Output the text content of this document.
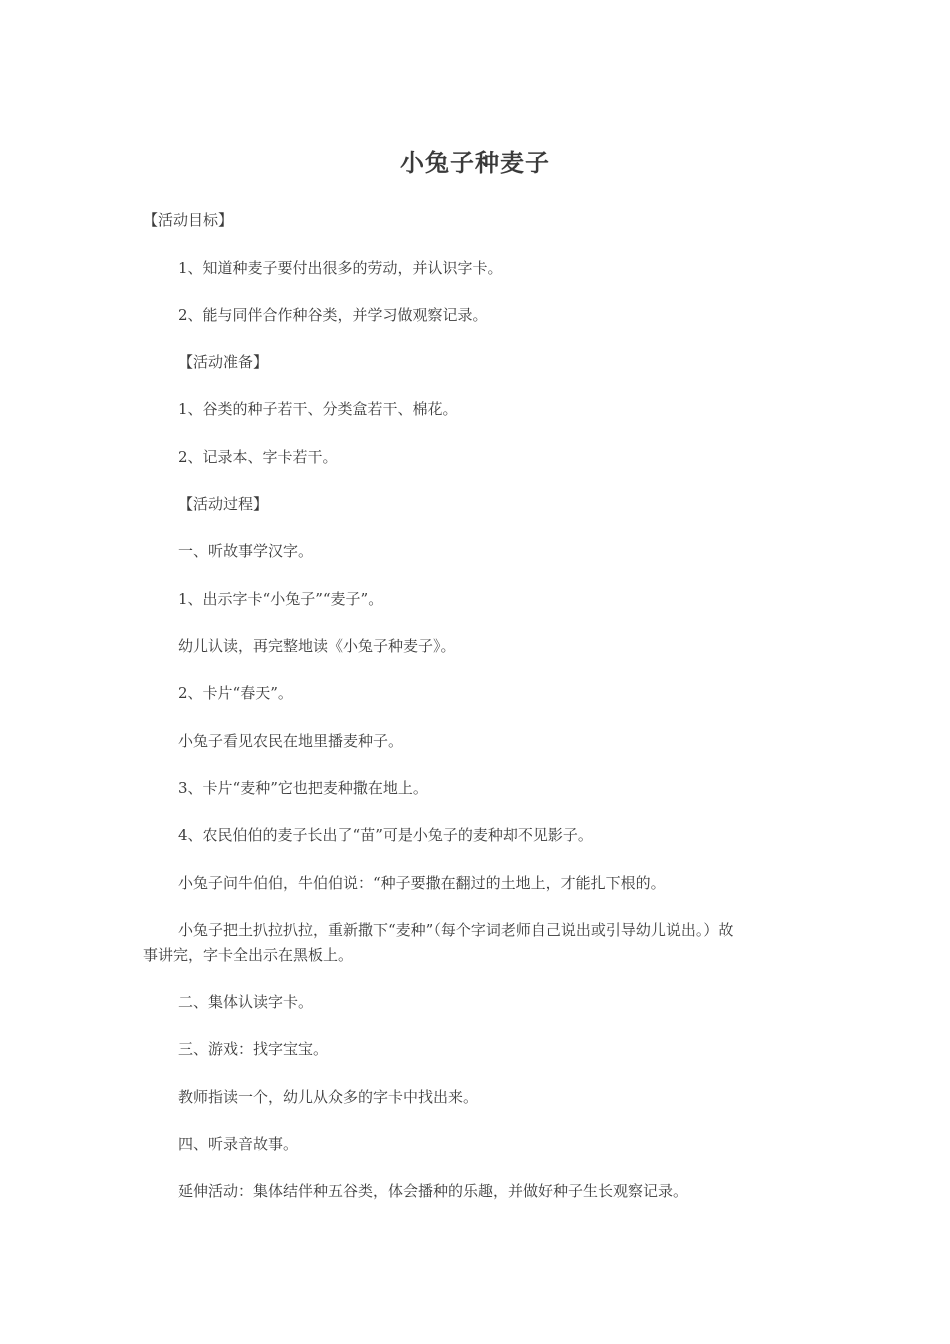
小兔子种麦子
【活动目标】
1、知道种麦子要付出很多的劳动，并认识字卡。
2、能与同伴合作种谷类，并学习做观察记录。
【活动准备】
1、谷类的种子若干、分类盒若干、棉花。
2、记录本、字卡若干。
【活动过程】
一、听故事学汉字。
1、出示字卡“小兔子”“麦子”。
幼儿认读，再完整地读《小兔子种麦子》。
2、卡片“春天”。
小兔子看见农民在地里播麦种子。
3、卡片“麦种”它也把麦种撒在地上。
4、农民伯伯的麦子长出了“苗”可是小兔子的麦种却不见影子。
小兔子问牛伯伯，牛伯伯说：“种子要撒在翻过的土地上，才能扎下根的。
小兔子把土扒拉扒拉，重新撒下“麦种”（每个字词老师自己说出或引导幼儿说出。）故
事讲完，字卡全出示在黑板上。
二、集体认读字卡。
三、游戏：找字宝宝。
教师指读一个，幼儿从众多的字卡中找出来。
四、听录音故事。
延伸活动：集体结伴种五谷类，体会播种的乐趣，并做好种子生长观察记录。
